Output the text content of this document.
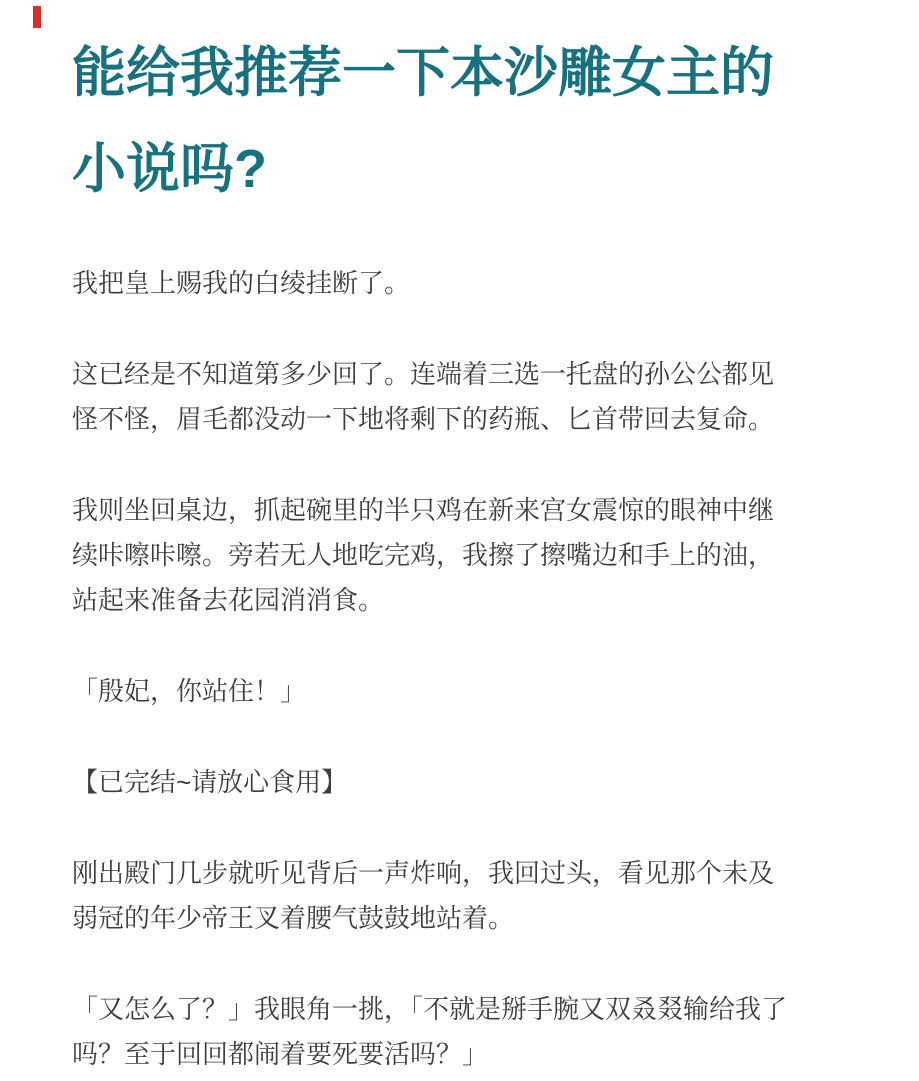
能给我推荐一下本沙雕女主的小说吗?

我把皇上赐我的白绫挂断了。

这已经是不知道第多少回了。连端着三选一托盘的孙公公都见怪不怪，眉毛都没动一下地将剩下的药瓶、匕首带回去复命。

我则坐回桌边，抓起碗里的半只鸡在新来宫女震惊的眼神中继续咔嚓咔嚓。旁若无人地吃完鸡，我擦了擦嘴边和手上的油，站起来准备去花园消消食。

「殷妃，你站住！」

【已完结~请放心食用】

刚出殿门几步就听见背后一声炸响，我回过头，看见那个未及弱冠的年少帝王叉着腰气鼓鼓地站着。

「又怎么了？」我眼角一挑，「不就是掰手腕又双叒叕输给我了吗？至于回回都闹着要死要活吗？」
